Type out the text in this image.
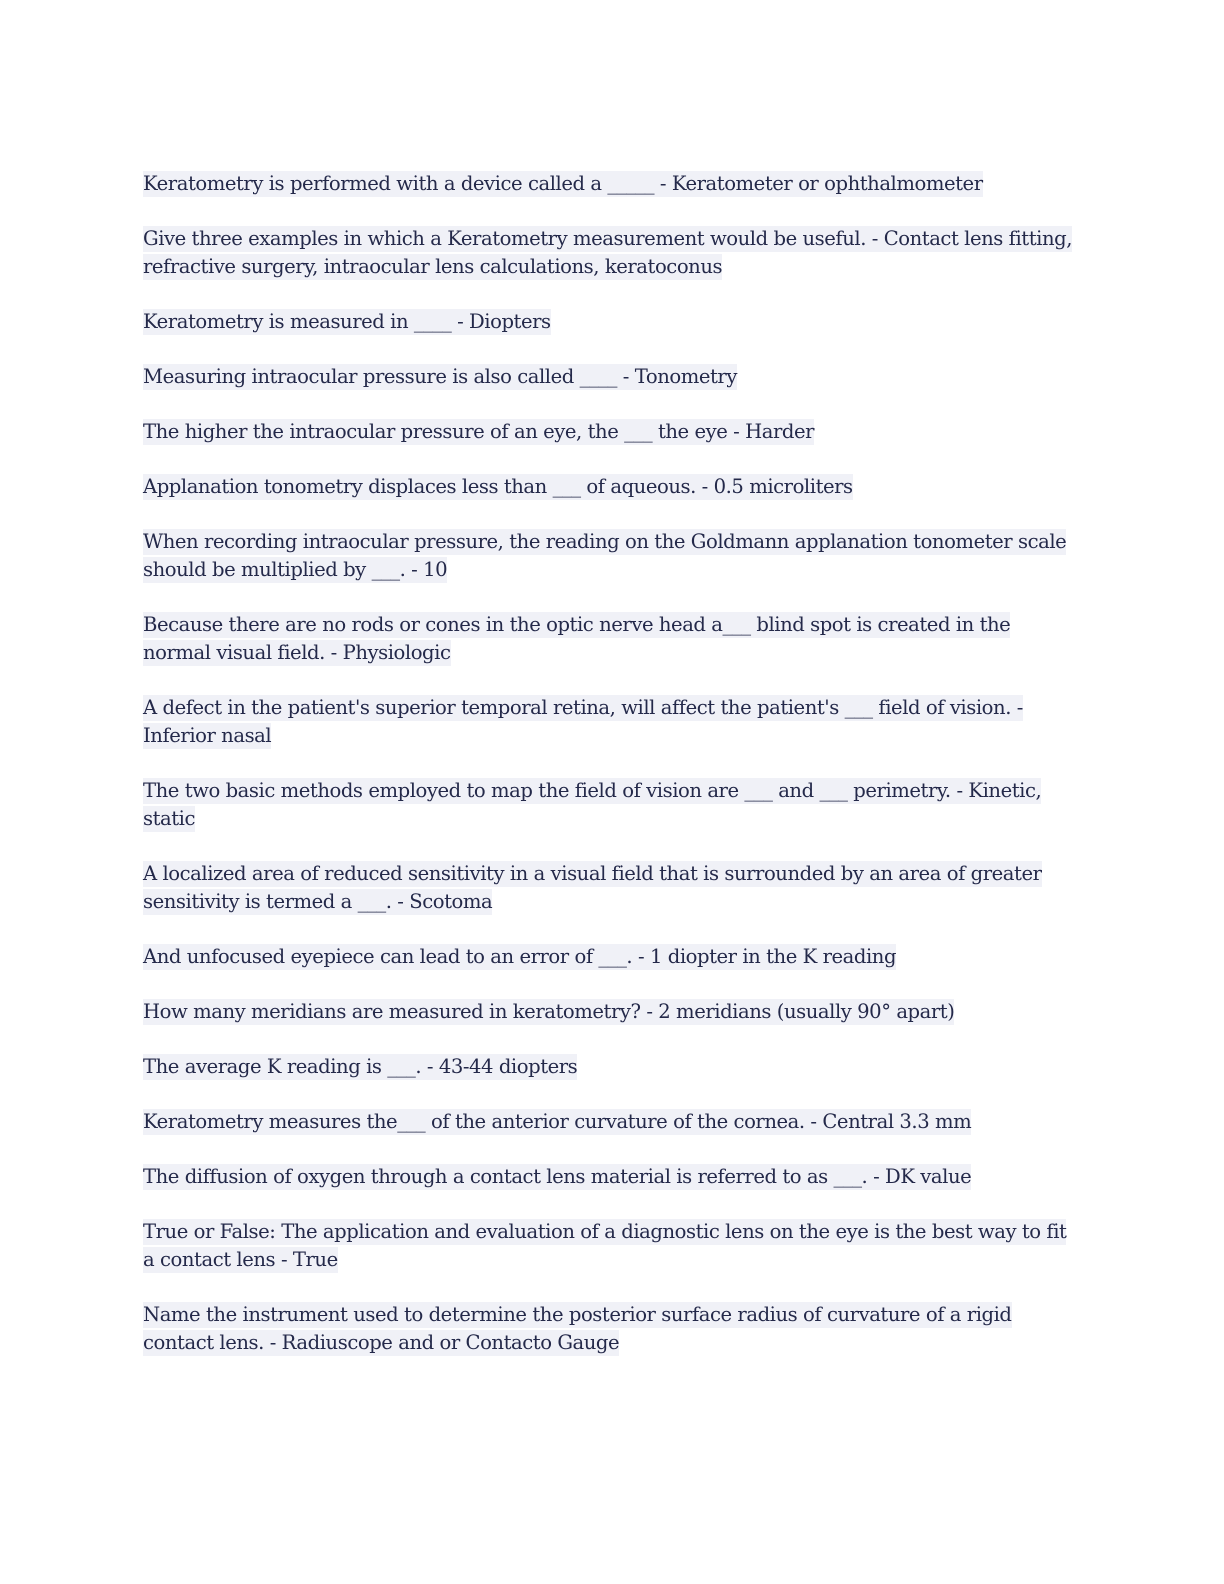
Keratometry is performed with a device called a _____ - Keratometer or ophthalmometer

Give three examples in which a Keratometry measurement would be useful. - Contact lens fitting, refractive surgery, intraocular lens calculations, keratoconus

Keratometry is measured in ____ - Diopters

Measuring intraocular pressure is also called ____ - Tonometry

The higher the intraocular pressure of an eye, the ___ the eye - Harder

Applanation tonometry displaces less than ___ of aqueous. - 0.5 microliters

When recording intraocular pressure, the reading on the Goldmann applanation tonometer scale should be multiplied by ___. - 10

Because there are no rods or cones in the optic nerve head a___ blind spot is created in the normal visual field. - Physiologic

A defect in the patient's superior temporal retina, will affect the patient's ___ field of vision. - Inferior nasal

The two basic methods employed to map the field of vision are ___ and ___ perimetry. - Kinetic, static

A localized area of reduced sensitivity in a visual field that is surrounded by an area of greater sensitivity is termed a ___. - Scotoma

And unfocused eyepiece can lead to an error of ___. - 1 diopter in the K reading

How many meridians are measured in keratometry? - 2 meridians (usually 90° apart)

The average K reading is ___. - 43-44 diopters

Keratometry measures the___ of the anterior curvature of the cornea. - Central 3.3 mm

The diffusion of oxygen through a contact lens material is referred to as ___. - DK value

True or False: The application and evaluation of a diagnostic lens on the eye is the best way to fit a contact lens - True

Name the instrument used to determine the posterior surface radius of curvature of a rigid contact lens. - Radiuscope and or Contacto Gauge
